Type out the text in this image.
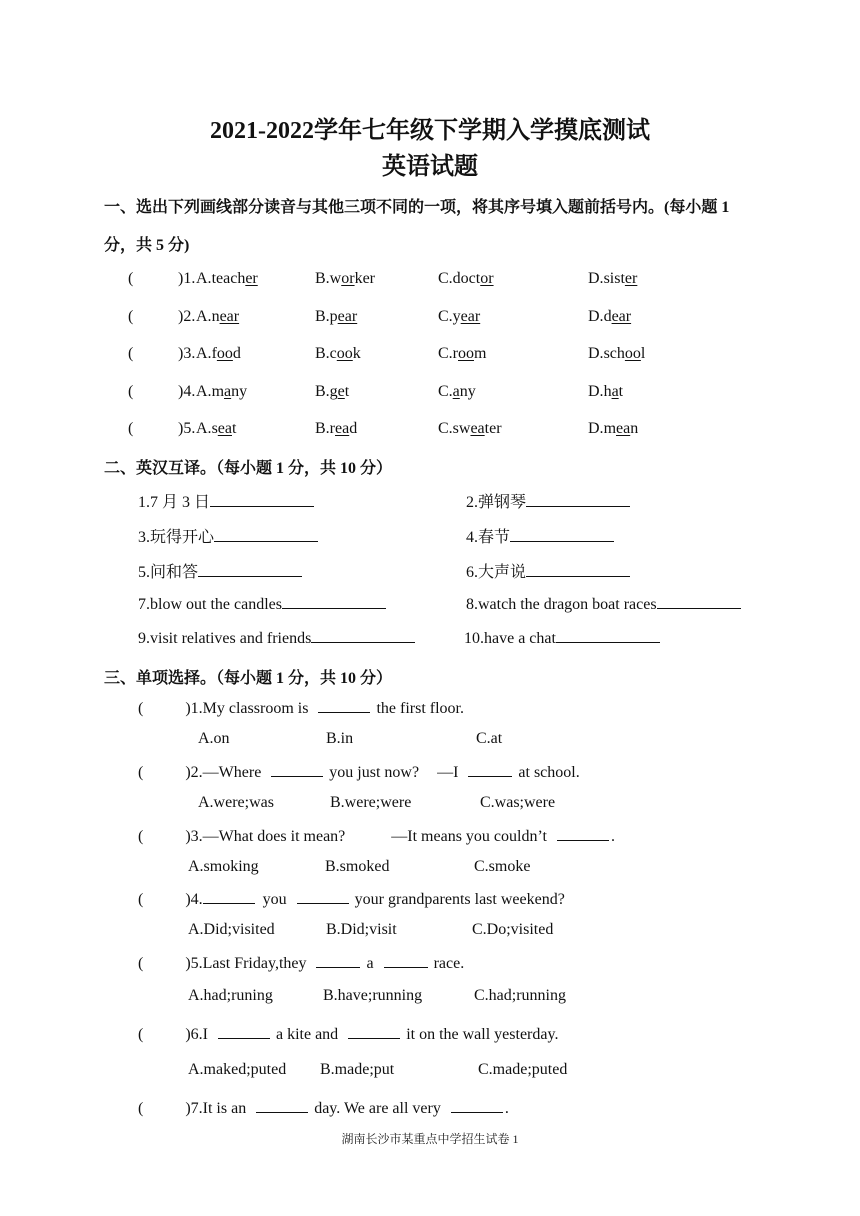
2021-2022学年七年级下学期入学摸底测试
英语试题
一、选出下列画线部分读音与其他三项不同的一项，将其序号填入题前括号内。(每小题 1
分，共 5 分)
(	)1. A.teacher	B.worker	C.doctor	D.sister
(	)2. A.near	B.pear	C.year	D.dear
(	)3. A.food	B.cook	C.room	D.school
(	)4. A.many	B.get	C.any	D.hat
(	)5. A.seat	B.read	C.sweater	D.mean
二、英汉互译。（每小题 1 分，共 10 分）
1.7 月 3 日	2.弹钢琴
3.玩得开心	4.春节
5.问和答	6.大声说
7.blow out the candles	8.watch the dragon boat races
9.visit relatives and friends	10.have a chat
三、单项选择。（每小题 1 分，共 10 分）
(	)1.My classroom is	the first floor.
A.on	B.in	C.at
(	)2.—Where	you just now? —I	at school.
A.were;was	B.were;were	C.was;were
(	)3.—What does it mean?	—It means you couldn’t	.
A.smoking	B.smoked	C.smoke
(	)4.	you	your grandparents last weekend?
A.Did;visited	B.Did;visit	C.Do;visited
(	)5.Last Friday,they	a	race.
A.had;runing	B.have;running	C.had;running
(	)6.I	a kite and	it on the wall yesterday.
A.maked;puted B.made;put	C.made;puted
(	)7.It is an	day. We are all very	.
湖南长沙市某重点中学招生试卷 1
